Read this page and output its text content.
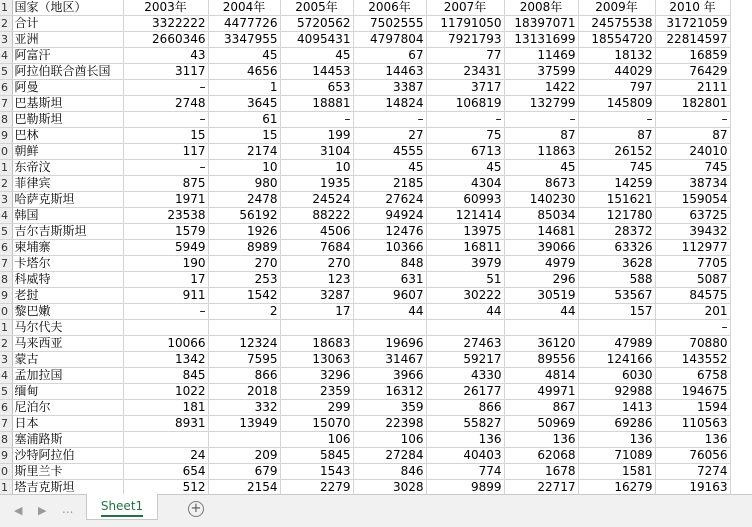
1	国家（地区）	2003年	2004年	2005年	2006年	2007年	2008年	2009年	2010 年
2	合计	3322222	4477726	5720562	7502555	11791050	18397071	24575538	31721059
3	亚洲	2660346	3347955	4095431	4797804	7921793	13131699	18554720	22814597
4	阿富汗	43	45	45	67	77	11469	18132	16859
5	阿拉伯联合酋长国	3117	4656	14453	14463	23431	37599	44029	76429
6	阿曼	–	1	653	3387	3717	1422	797	2111
7	巴基斯坦	2748	3645	18881	14824	106819	132799	145809	182801
8	巴勒斯坦	–	61	–	–	–	–	–	–
9	巴林	15	15	199	27	75	87	87	87
0	朝鲜	117	2174	3104	4555	6713	11863	26152	24010
1	东帝汶	–	10	10	45	45	45	745	745
2	菲律宾	875	980	1935	2185	4304	8673	14259	38734
3	哈萨克斯坦	1971	2478	24524	27624	60993	140230	151621	159054
4	韩国	23538	56192	88222	94924	121414	85034	121780	63725
5	吉尔吉斯斯坦	1579	1926	4506	12476	13975	14681	28372	39432
6	柬埔寨	5949	8989	7684	10366	16811	39066	63326	112977
7	卡塔尔	190	270	270	848	3979	4979	3628	7705
8	科威特	17	253	123	631	51	296	588	5087
9	老挝	911	1542	3287	9607	30222	30519	53567	84575
0	黎巴嫩	–	2	17	44	44	44	157	201
1	马尔代夫								–
2	马来西亚	10066	12324	18683	19696	27463	36120	47989	70880
3	蒙古	1342	7595	13063	31467	59217	89556	124166	143552
4	孟加拉国	845	866	3296	3966	4330	4814	6030	6758
5	缅甸	1022	2018	2359	16312	26177	49971	92988	194675
6	尼泊尔	181	332	299	359	866	867	1413	1594
7	日本	8931	13949	15070	22398	55827	50969	69286	110563
8	塞浦路斯			106	106	136	136	136	136
9	沙特阿拉伯	24	209	5845	27284	40403	62068	71089	76056
0	斯里兰卡	654	679	1543	846	774	1678	1581	7274
1	塔吉克斯坦	512	2154	2279	3028	9899	22717	16279	19163
◀ ▶ ...	Sheet1	+
